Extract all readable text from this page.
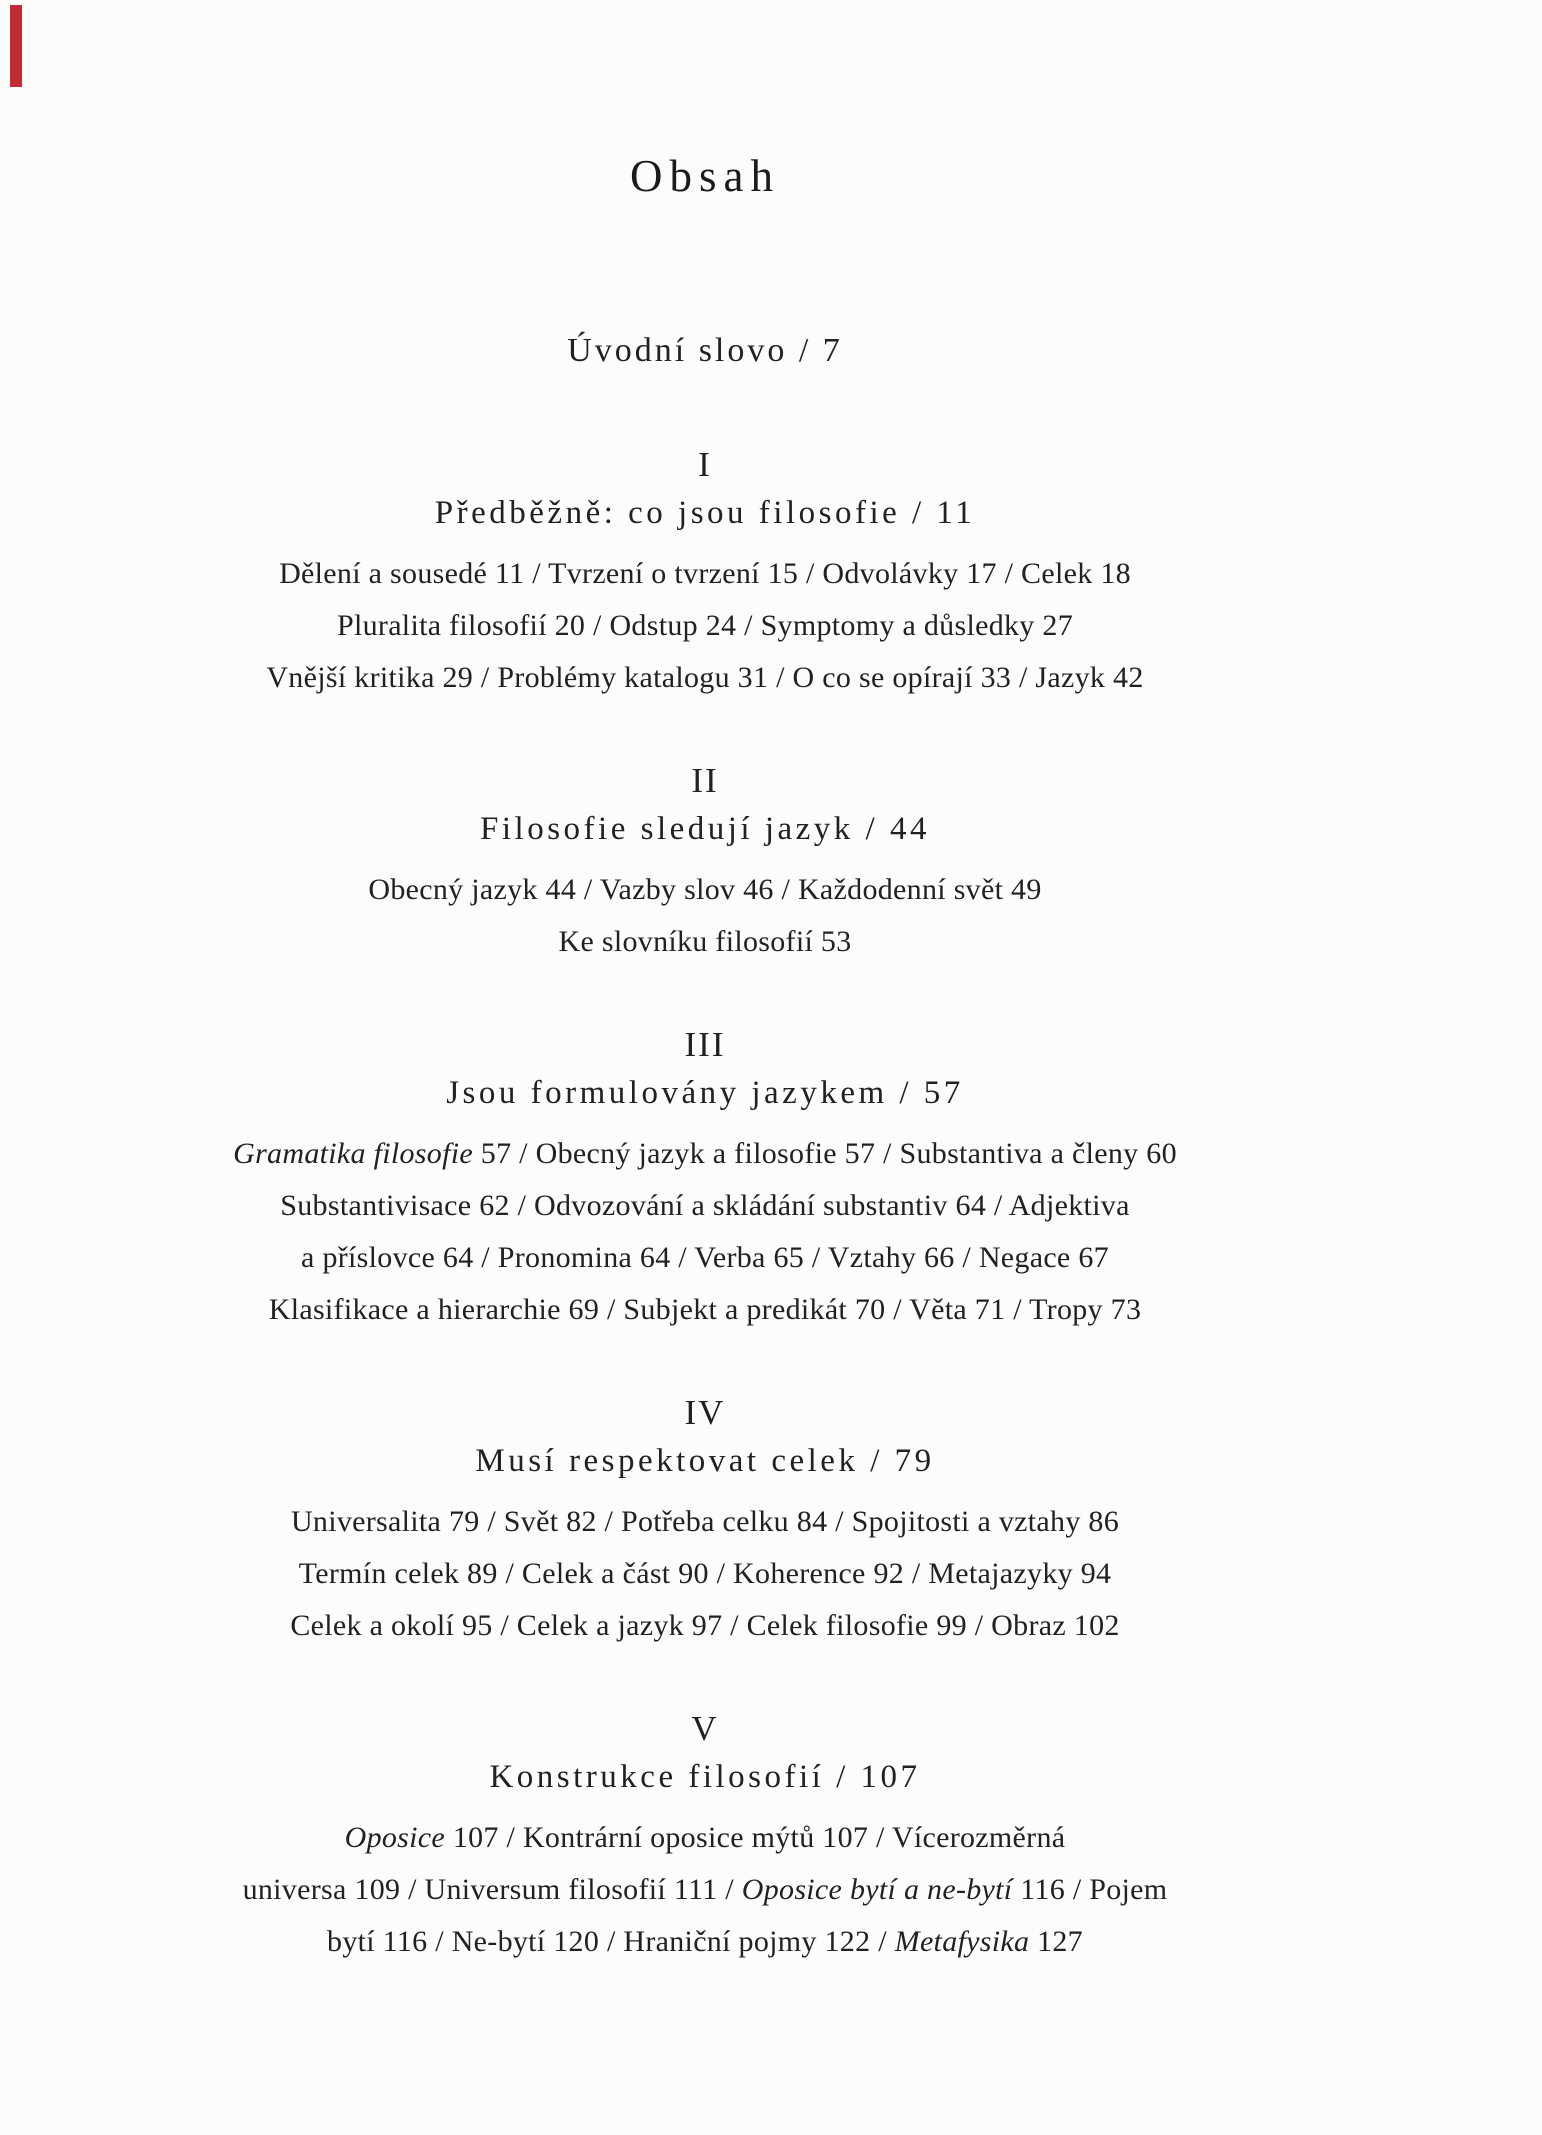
Obsah
Úvodní slovo / 7
I
Předběžně: co jsou filosofie / 11
Dělení a sousedé 11 / Tvrzení o tvrzení 15 / Odvolávky 17 / Celek 18
Pluralita filosofií 20 / Odstup 24 / Symptomy a důsledky 27
Vnější kritika 29 / Problémy katalogu 31 / O co se opírají 33 / Jazyk 42
II
Filosofie sledují jazyk / 44
Obecný jazyk 44 / Vazby slov 46 / Každodenní svět 49
Ke slovníku filosofií 53
III
Jsou formulovány jazykem / 57
Gramatika filosofie 57 / Obecný jazyk a filosofie 57 / Substantiva a členy 60
Substantivisace 62 / Odvozování a skládání substantiv 64 / Adjektiva
a příslovce 64 / Pronomina 64 / Verba 65 / Vztahy 66 / Negace 67
Klasifikace a hierarchie 69 / Subjekt a predikát 70 / Věta 71 / Tropy 73
IV
Musí respektovat celek / 79
Universalita 79 / Svět 82 / Potřeba celku 84 / Spojitosti a vztahy 86
Termín celek 89 / Celek a část 90 / Koherence 92 / Metajazyky 94
Celek a okolí 95 / Celek a jazyk 97 / Celek filosofie 99 / Obraz 102
V
Konstrukce filosofií / 107
Oposice 107 / Kontrární oposice mýtů 107 / Vícerozměrná
universa 109 / Universum filosofií 111 / Oposice bytí a ne-bytí 116 / Pojem
bytí 116 / Ne-bytí 120 / Hraniční pojmy 122 / Metafysika 127
